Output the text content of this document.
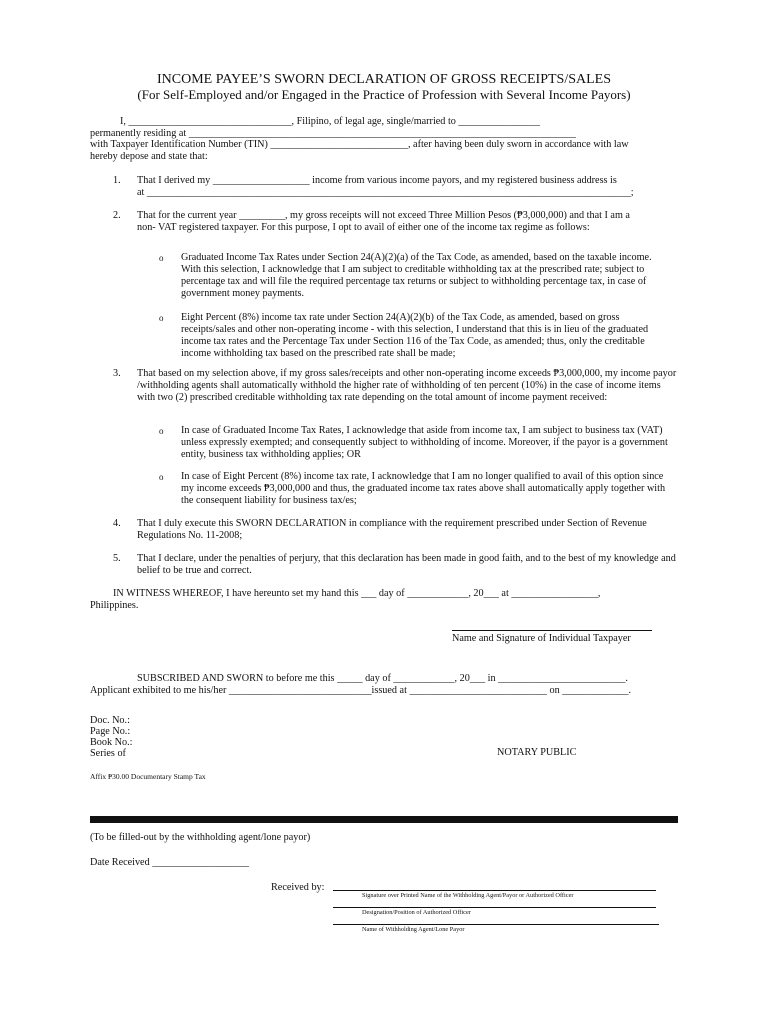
INCOME PAYEE’S SWORN DECLARATION OF GROSS RECEIPTS/SALES
(For Self-Employed and/or Engaged in the Practice of Profession with Several Income Payors)
I, ________________________________, Filipino, of legal age, single/married to ________________
permanently residing at ____________________________________________________________________________
with Taxpayer Identification Number (TIN) ___________________________, after having been duly sworn in accordance with law
hereby depose and state that:
1. That I derived my ___________________ income from various income payors, and my registered business address is
at _______________________________________________________________________________________________;
2. That for the current year _________, my gross receipts will not exceed Three Million Pesos (₱3,000,000) and that I am a
non- VAT registered taxpayer. For this purpose, I opt to avail of either one of the income tax regime as follows:
o Graduated Income Tax Rates under Section 24(A)(2)(a) of the Tax Code, as amended, based on the taxable income. With this selection, I acknowledge that I am subject to creditable withholding tax at the prescribed rate; subject to percentage tax and will file the required percentage tax returns or subject to withholding percentage tax, in case of government money payments.
o Eight Percent (8%) income tax rate under Section 24(A)(2)(b) of the Tax Code, as amended, based on gross receipts/sales and other non-operating income - with this selection, I understand that this is in lieu of the graduated income tax rates and the Percentage Tax under Section 116 of the Tax Code, as amended; thus, only the creditable income withholding tax based on the prescribed rate shall be made;
3. That based on my selection above, if my gross sales/receipts and other non-operating income exceeds ₱3,000,000, my income payor /withholding agents shall automatically withhold the higher rate of withholding of ten percent (10%) in the case of income items with two (2) prescribed creditable withholding tax rate depending on the total amount of income payment received:
o In case of Graduated Income Tax Rates, I acknowledge that aside from income tax, I am subject to business tax (VAT) unless expressly exempted; and consequently subject to withholding of income. Moreover, if the payor is a government entity, business tax withholding applies; OR
o In case of Eight Percent (8%) income tax rate, I acknowledge that I am no longer qualified to avail of this option since my income exceeds ₱3,000,000 and thus, the graduated income tax rates above shall automatically apply together with the consequent liability for business tax/es;
4. That I duly execute this SWORN DECLARATION in compliance with the requirement prescribed under Section of Revenue Regulations No. 11-2008;
5. That I declare, under the penalties of perjury, that this declaration has been made in good faith, and to the best of my knowledge and belief to be true and correct.
IN WITNESS WHEREOF, I have hereunto set my hand this ___ day of ____________, 20___ at _________________,
Philippines.
Name and Signature of Individual Taxpayer
SUBSCRIBED AND SWORN to before me this _____ day of ____________, 20___ in _________________________.
Applicant exhibited to me his/her ____________________________issued at ___________________________ on _____________.
Doc. No.:
Page No.:
Book No.:
Series of	NOTARY PUBLIC
Affix ₱30.00 Documentary Stamp Tax
(To be filled-out by the withholding agent/lone payor)
Date Received ___________________
Received by:
Signature over Printed Name of the Withholding Agent/Payor or Authorized Officer
Designation/Position of Authorized Officer
Name of Withholding Agent/Lone Payor
